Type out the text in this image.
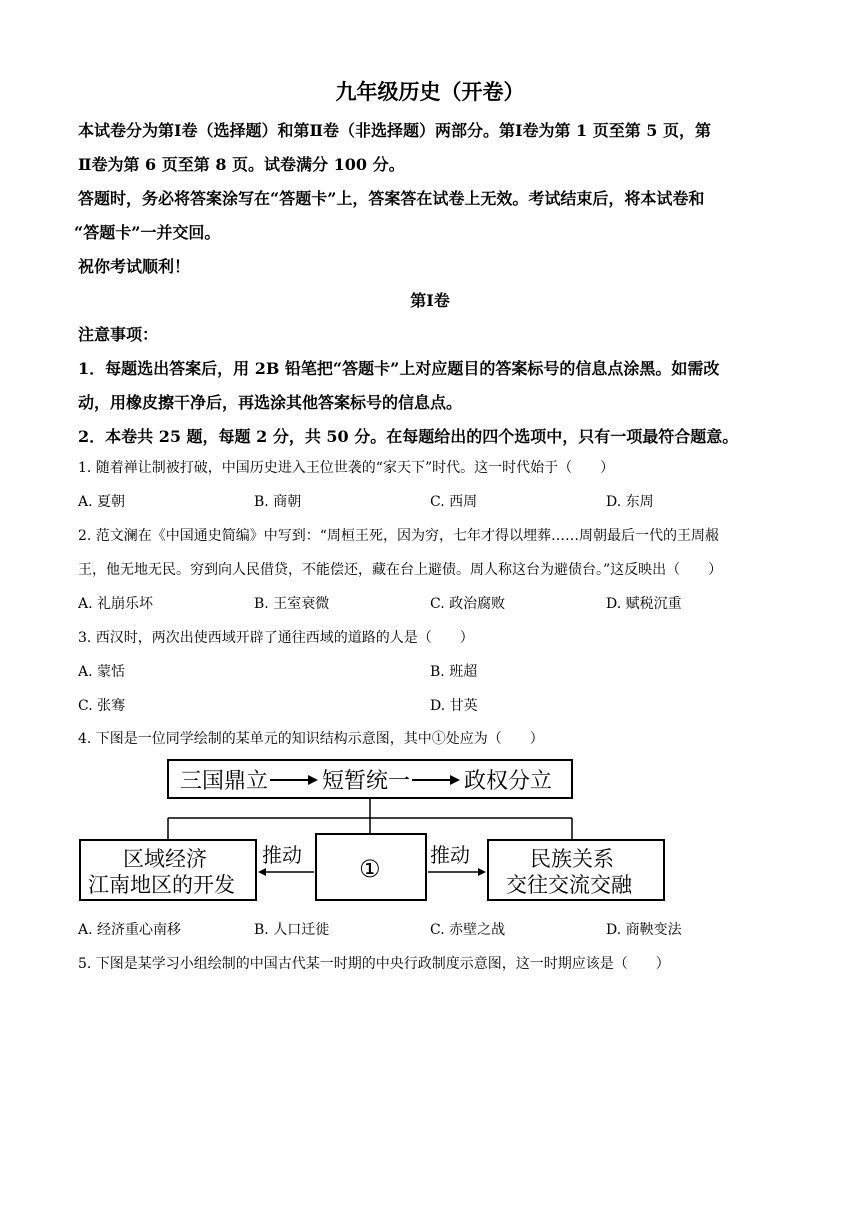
九年级历史（开卷）
本试卷分为第Ⅰ卷（选择题）和第Ⅱ卷（非选择题）两部分。第Ⅰ卷为第 1 页至第 5 页，第
Ⅱ卷为第 6 页至第 8 页。试卷满分 100 分。
答题时，务必将答案涂写在“答题卡”上，答案答在试卷上无效。考试结束后，将本试卷和
“答题卡”一并交回。
祝你考试顺利！
第Ⅰ卷
注意事项：
1．每题选出答案后，用 2B 铅笔把“答题卡”上对应题目的答案标号的信息点涂黑。如需改
动，用橡皮擦干净后，再选涂其他答案标号的信息点。
2．本卷共 25 题，每题 2 分，共 50 分。在每题给出的四个选项中，只有一项最符合题意。
1. 随着禅让制被打破，中国历史进入王位世袭的“家天下”时代。这一时代始于（　　）
A. 夏朝	B. 商朝	C. 西周	D. 东周
2. 范文澜在《中国通史简编》中写到：“周桓王死，因为穷，七年才得以埋葬……周朝最后一代的王周赧
王，他无地无民。穷到向人民借贷，不能偿还，藏在台上避债。周人称这台为避债台。”这反映出（　　）
A. 礼崩乐坏	B. 王室衰微	C. 政治腐败	D. 赋税沉重
3. 西汉时，两次出使西域开辟了通往西域的道路的人是（　　）
A. 蒙恬	B. 班超
C. 张骞	D. 甘英
4. 下图是一位同学绘制的某单元的知识结构示意图，其中①处应为（　　）
三国鼎立 短暂统一 政权分立
区域经济
江南地区的开发
①	民族关系
交往交流交融
推动	推动
A. 经济重心南移	B. 人口迁徙	C. 赤壁之战	D. 商鞅变法
5. 下图是某学习小组绘制的中国古代某一时期的中央行政制度示意图，这一时期应该是（　　）
